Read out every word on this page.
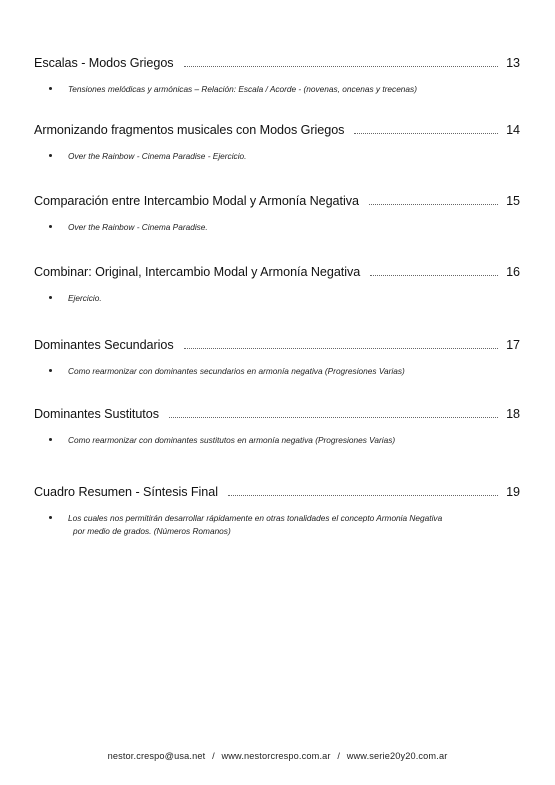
Escalas - Modos Griegos	13
Tensiones melódicas y armónicas – Relación: Escala / Acorde - (novenas, oncenas y trecenas)
Armonizando fragmentos musicales con Modos Griegos	14
Over the Rainbow - Cinema Paradise - Ejercicio.
Comparación entre Intercambio Modal y Armonía Negativa	15
Over the Rainbow - Cinema Paradise.
Combinar: Original, Intercambio Modal y Armonía Negativa	16
Ejercicio.
Dominantes Secundarios	17
Como rearmonizar con dominantes secundarios en armonía negativa (Progresiones Varias)
Dominantes Sustitutos	18
Como rearmonizar con dominantes sustitutos en armonía negativa (Progresiones Varias)
Cuadro Resumen - Síntesis Final	19
Los cuales nos permitirán desarrollar rápidamente en otras tonalidades el concepto Armonia Negativa
por medio de grados. (Números Romanos)
nestor.crespo@usa.net / www.nestorcrespo.com.ar / www.serie20y20.com.ar
